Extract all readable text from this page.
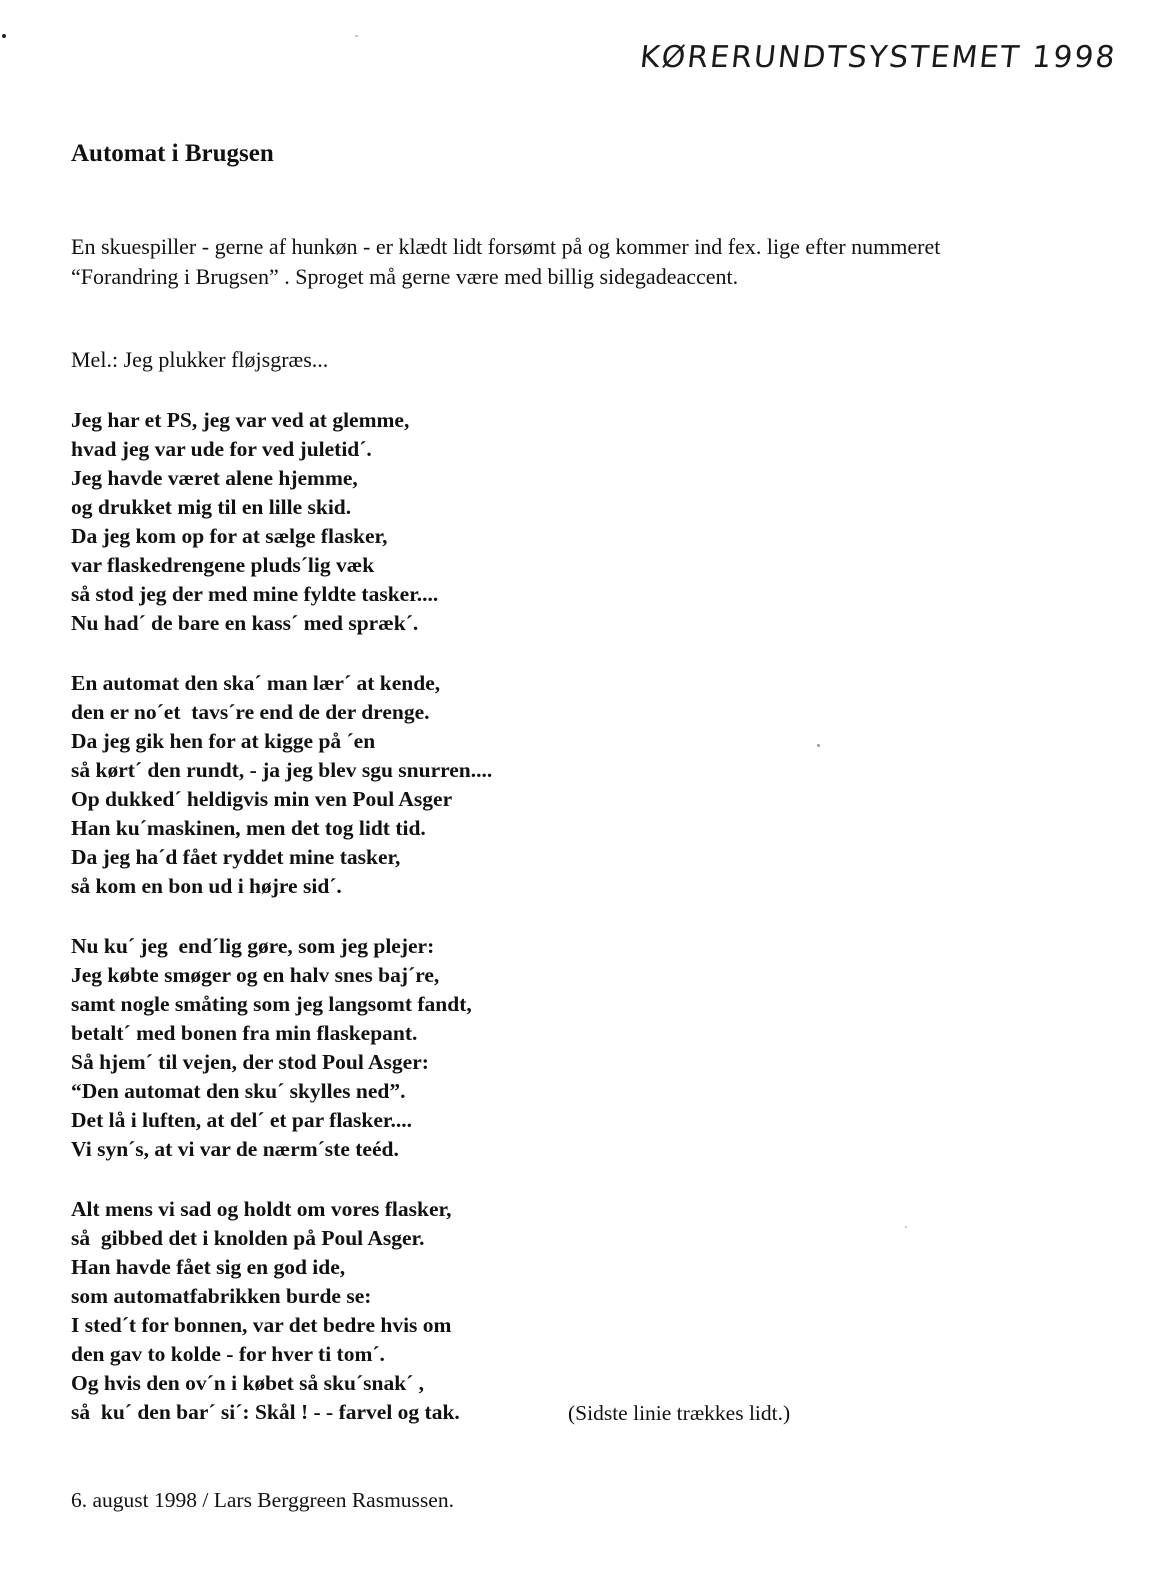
KØRERUNDTSYSTEMET 1998
Automat i Brugsen

En skuespiller - gerne af hunkøn - er klædt lidt forsømt på og kommer ind fex. lige efter nummeret “Forandring i Brugsen” . Sproget må gerne være med billig sidegadeaccent.

Mel.: Jeg plukker fløjsgræs...

Jeg har et PS, jeg var ved at glemme,
hvad jeg var ude for ved juletid´.
Jeg havde været alene hjemme,
og drukket mig til en lille skid.
Da jeg kom op for at sælge flasker,
var flaskedrengene pluds´lig væk
så stod jeg der med mine fyldte tasker....
Nu had´ de bare en kass´ med spræk´.
En automat den ska´ man lær´ at kende,
den er no´et  tavs´re end de der drenge.
Da jeg gik hen for at kigge på ´en
så kørt´ den rundt, - ja jeg blev sgu snurren....
Op dukked´ heldigvis min ven Poul Asger
Han ku´maskinen, men det tog lidt tid.
Da jeg ha´d fået ryddet mine tasker,
så kom en bon ud i højre sid´.
Nu ku´ jeg  end´lig gøre, som jeg plejer:
Jeg købte smøger og en halv snes baj´re,
samt nogle småting som jeg langsomt fandt,
betalt´ med bonen fra min flaskepant.
Så hjem´ til vejen, der stod Poul Asger:
“Den automat den sku´ skylles ned”.
Det lå i luften, at del´ et par flasker....
Vi syn´s, at vi var de nærm´ste teéd.
Alt mens vi sad og holdt om vores flasker,
så  gibbed det i knolden på Poul Asger.
Han havde fået sig en god ide,
som automatfabrikken burde se:
I sted´t for bonnen, var det bedre hvis om
den gav to kolde - for hver ti tom´.
Og hvis den ov´n i købet så sku´snak´ ,
så  ku´ den bar´ si´: Skål ! - - farvel og tak.	(Sidste linie trækkes lidt.)
6. august 1998 / Lars Berggreen Rasmussen.
